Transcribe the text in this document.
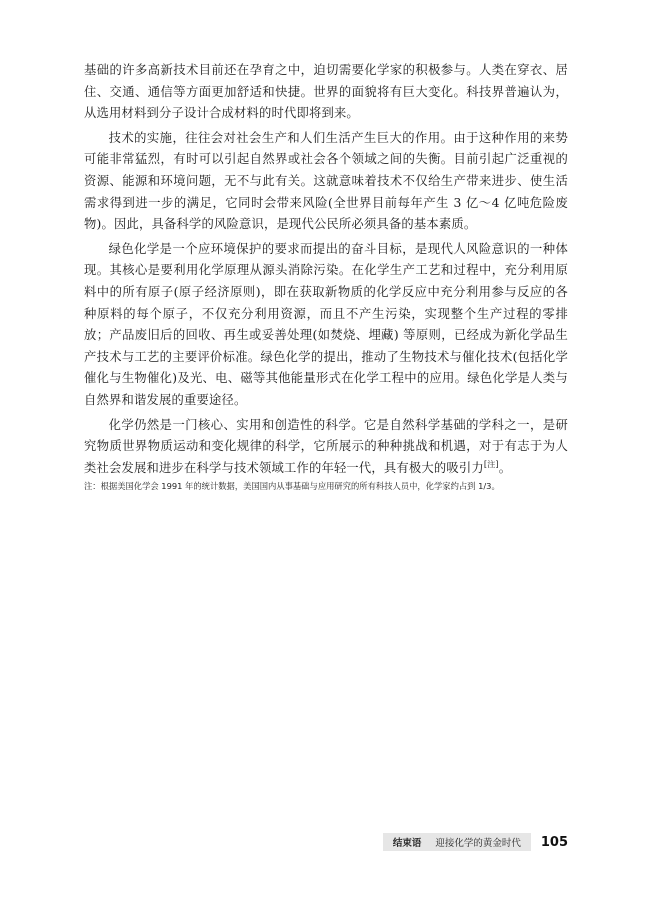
基础的许多高新技术目前还在孕育之中，迫切需要化学家的积极参与。人类在穿衣、居住、交通、通信等方面更加舒适和快捷。世界的面貌将有巨大变化。科技界普遍认为，从选用材料到分子设计合成材料的时代即将到来。

技术的实施，往往会对社会生产和人们生活产生巨大的作用。由于这种作用的来势可能非常猛烈，有时可以引起自然界或社会各个领域之间的失衡。目前引起广泛重视的资源、能源和环境问题，无不与此有关。这就意味着技术不仅给生产带来进步、使生活需求得到进一步的满足，它同时会带来风险(全世界目前每年产生 3 亿～4 亿吨危险废物)。因此，具备科学的风险意识，是现代公民所必须具备的基本素质。

绿色化学是一个应环境保护的要求而提出的奋斗目标，是现代人风险意识的一种体现。其核心是要利用化学原理从源头消除污染。在化学生产工艺和过程中，充分利用原料中的所有原子(原子经济原则)，即在获取新物质的化学反应中充分利用参与反应的各种原料的每个原子，不仅充分利用资源，而且不产生污染，实现整个生产过程的零排放；产品废旧后的回收、再生或妥善处理(如焚烧、埋藏) 等原则，已经成为新化学品生产技术与工艺的主要评价标准。绿色化学的提出，推动了生物技术与催化技术(包括化学催化与生物催化)及光、电、磁等其他能量形式在化学工程中的应用。绿色化学是人类与自然界和谐发展的重要途径。

化学仍然是一门核心、实用和创造性的科学。它是自然科学基础的学科之一，是研究物质世界物质运动和变化规律的科学，它所展示的种种挑战和机遇，对于有志于为人类社会发展和进步在科学与技术领域工作的年轻一代，具有极大的吸引力[注]。

注：根据美国化学会 1991 年的统计数据，美国国内从事基础与应用研究的所有科技人员中，化学家约占到 1/3。
结束语 迎接化学的黄金时代 105
